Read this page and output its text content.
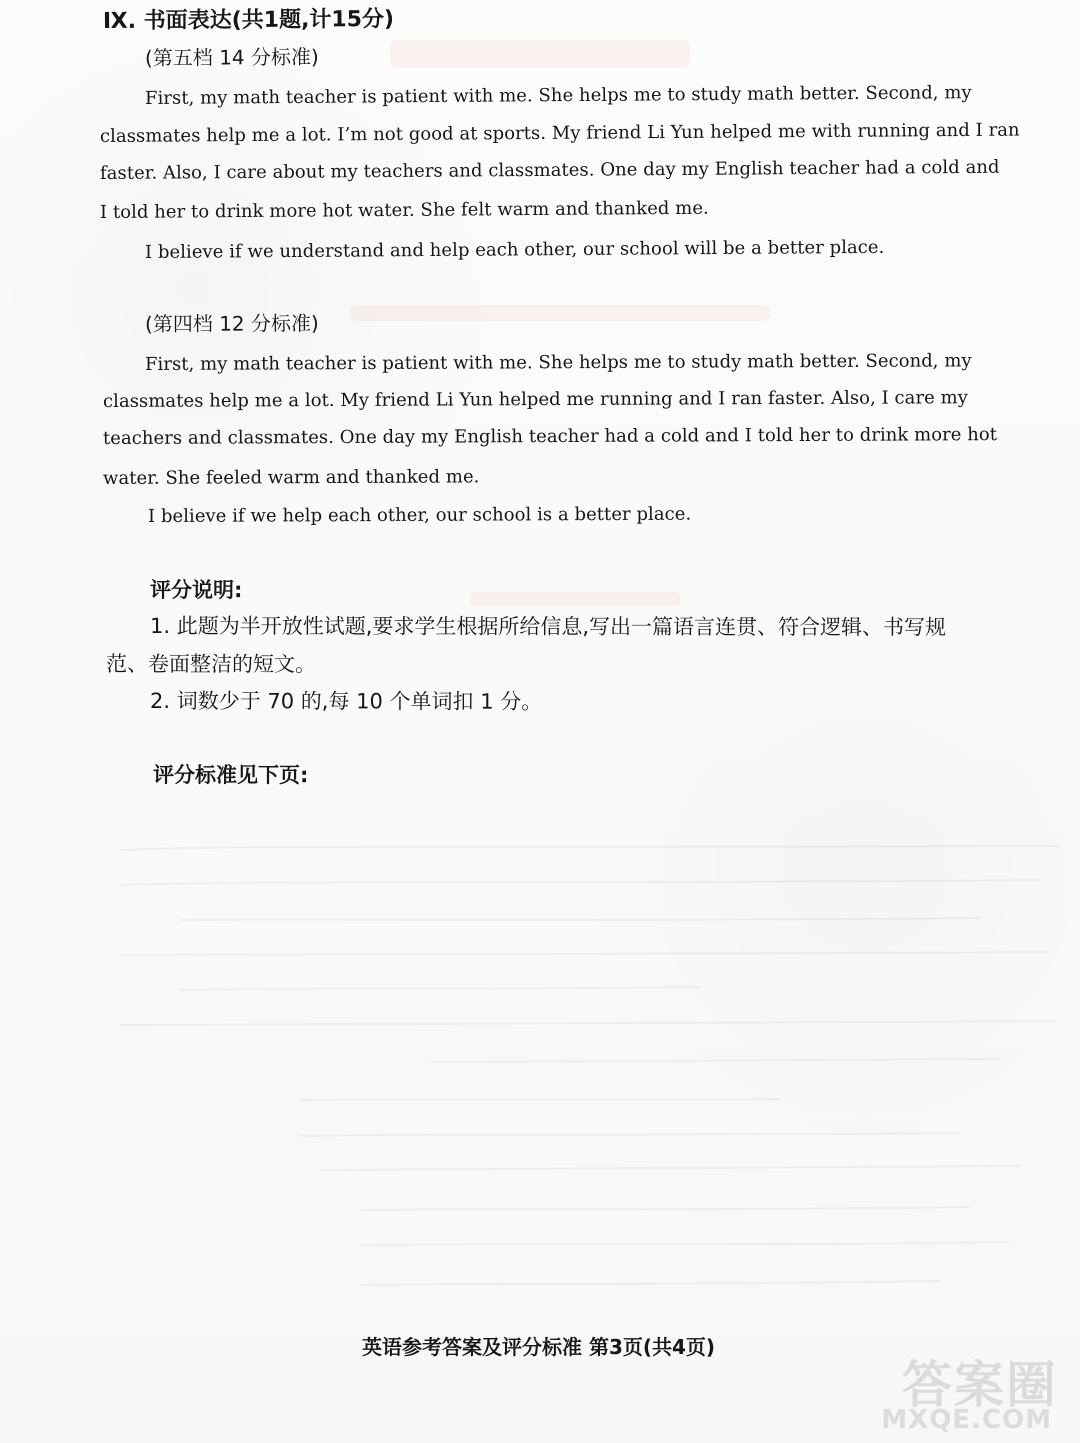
Ⅸ. 书面表达(共1题,计15分)
(第五档 14 分标准)
First, my math teacher is patient with me. She helps me to study math better. Second, my
classmates help me a lot. I’m not good at sports. My friend Li Yun helped me with running and I ran
faster. Also, I care about my teachers and classmates. One day my English teacher had a cold and
I told her to drink more hot water. She felt warm and thanked me.
I believe if we understand and help each other, our school will be a better place.
(第四档 12 分标准)
First, my math teacher is patient with me. She helps me to study math better. Second, my
classmates help me a lot. My friend Li Yun helped me running and I ran faster. Also, I care my
teachers and classmates. One day my English teacher had a cold and I told her to drink more hot
water. She feeled warm and thanked me.
I believe if we help each other, our school is a better place.
评分说明:
1. 此题为半开放性试题,要求学生根据所给信息,写出一篇语言连贯、符合逻辑、书写规
范、卷面整洁的短文。
2. 词数少于 70 的,每 10 个单词扣 1 分。
评分标准见下页:
英语参考答案及评分标准 第3页(共4页)
答案圈
MXQE.COM
